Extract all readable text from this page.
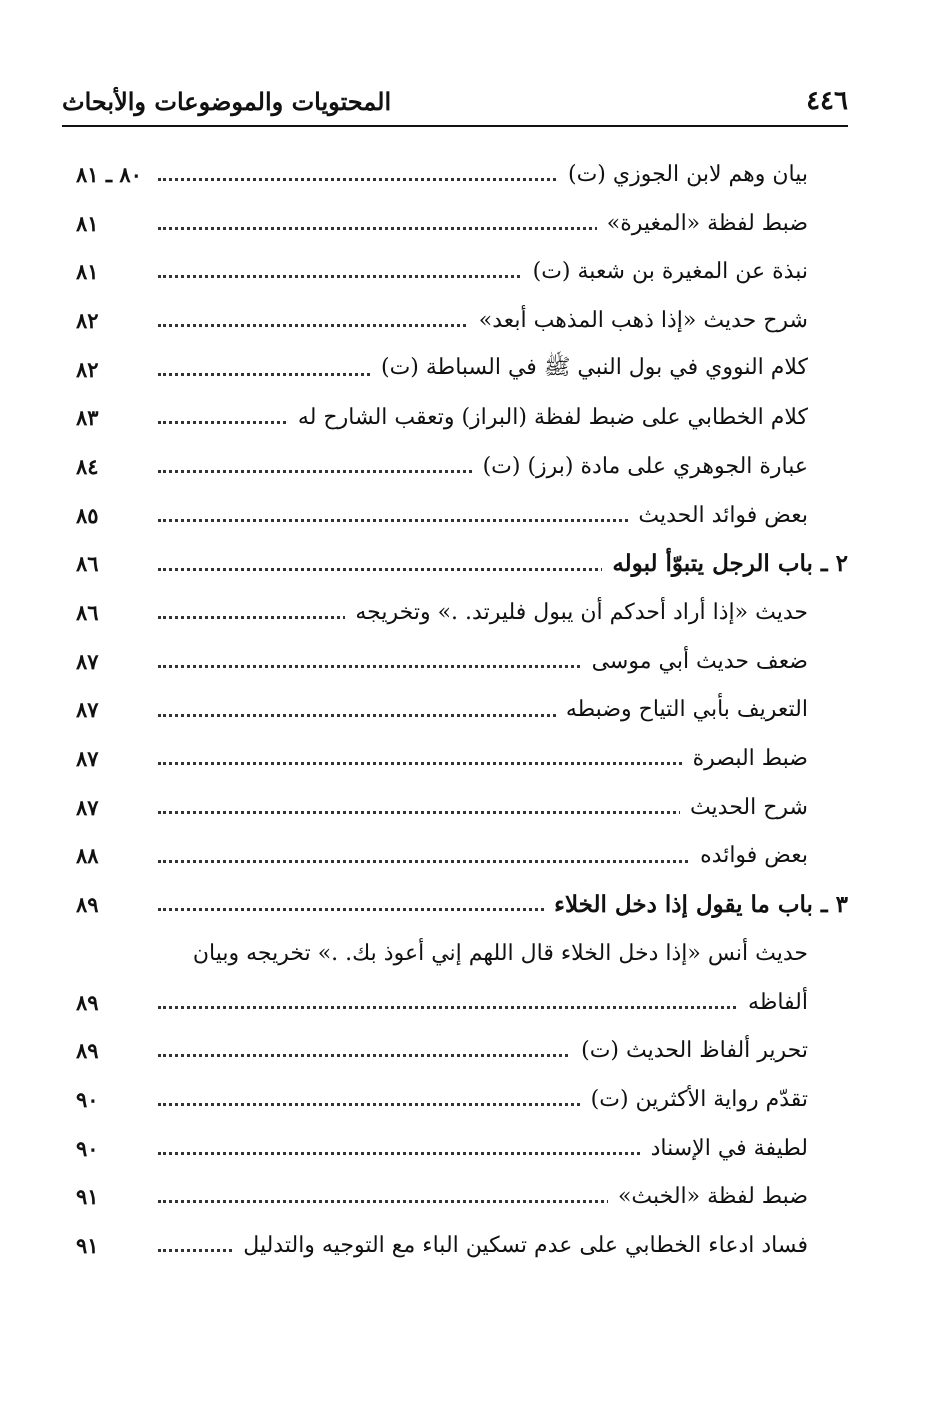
٤٤٦
المحتويات والموضوعات والأبحاث
بيان وهم لابن الجوزي (ت)
٨٠ ـ ٨١
ضبط لفظة «المغيرة»
٨١
نبذة عن المغيرة بن شعبة (ت)
٨١
شرح حديث «إذا ذهب المذهب أبعد»
٨٢
كلام النووي في بول النبي ﷺ في السباطة (ت)
٨٢
كلام الخطابي على ضبط لفظة (البراز) وتعقب الشارح له
٨٣
عبارة الجوهري على مادة (برز) (ت)
٨٤
بعض فوائد الحديث
٨٥
٢ ـ باب الرجل يتبوّأ لبوله
٨٦
حديث «إذا أراد أحدكم أن يبول فليرتد. .» وتخريجه
٨٦
ضعف حديث أبي موسى
٨٧
التعريف بأبي التياح وضبطه
٨٧
ضبط البصرة
٨٧
شرح الحديث
٨٧
بعض فوائده
٨٨
٣ ـ باب ما يقول إذا دخل الخلاء
٨٩
حديث أنس «إذا دخل الخلاء قال اللهم إني أعوذ بك. .» تخريجه وبيان
ألفاظه
٨٩
تحرير ألفاظ الحديث (ت)
٨٩
تقدّم رواية الأكثرين (ت)
٩٠
لطيفة في الإسناد
٩٠
ضبط لفظة «الخبث»
٩١
فساد ادعاء الخطابي على عدم تسكين الباء مع التوجيه والتدليل
٩١
